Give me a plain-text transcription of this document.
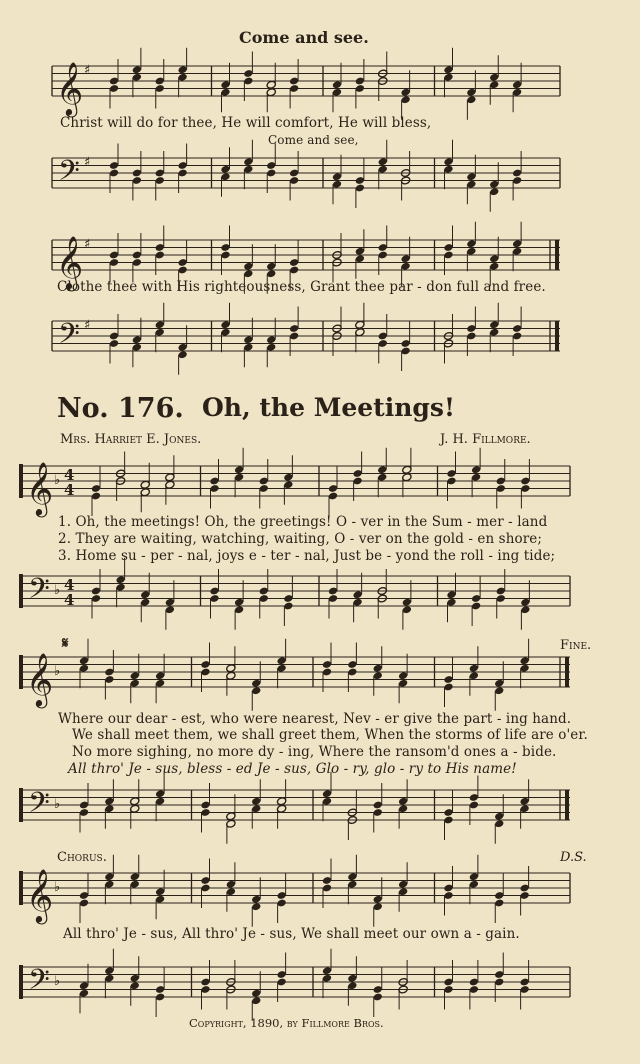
Come and see.
𝄞 ♯
Christ will do for thee, He will comfort, He will bless,
Come and see,
𝄢 ♯
𝄞 ♯
Clothe thee with His righteousness, Grant thee par - don full and free.
𝄢 ♯
No. 176. Oh, the Meetings!
Mrs. Harriet E. Jones.	J. H. Fillmore.
𝄞 ♭ 4
4
1. Oh, the meetings! Oh, the greetings! O - ver in the Sum - mer - land
2. They are waiting, watching, waiting, O - ver on the gold - en shore;
3. Home su - per - nal, joys e - ter - nal, Just be - yond the roll - ing tide;
𝄢 ♭ 4
4
𝄋	Fine.
𝄞 ♭
Where our dear - est, who were nearest, Nev - er give the part - ing hand.
We shall meet them, we shall greet them, When the storms of life are o'er.
No more sighing, no more dy - ing, Where the ransom'd ones a - bide.
All thro' Je - sus, bless - ed Je - sus, Glo - ry, glo - ry to His name!
𝄢 ♭
Chorus.	D.S.
𝄞 ♭
All thro' Je - sus, All thro' Je - sus, We shall meet our own a - gain.
𝄢 ♭
Copyright, 1890, by Fillmore Bros.
